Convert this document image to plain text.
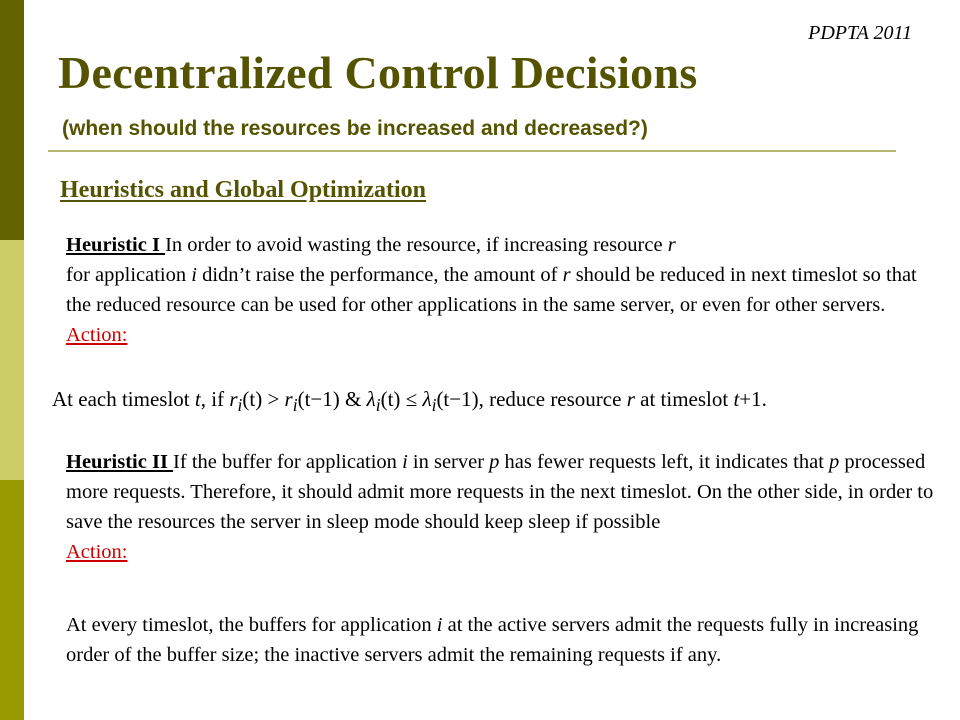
PDPTA 2011
Decentralized Control Decisions

(when should the resources be increased and decreased?)

Heuristics and Global Optimization
Heuristic I In order to avoid wasting the resource, if increasing resource r
for application i didn’t raise the performance, the amount of r should be reduced in next timeslot so that the reduced resource can be used for other applications in the same server, or even for other servers.
Action:
At each timeslot t, if $r_i(t) > r_i(t-1)$ & $\lambda_i(t) \le \lambda_i(t-1)$, reduce resource r at timeslot t+1.
Heuristic II If the buffer for application i in server p has fewer requests left, it indicates that p processed more requests. Therefore, it should admit more requests in the next timeslot. On the other side, in order to save the resources the server in sleep mode should keep sleep if possible
Action:
At every timeslot, the buffers for application i at the active servers admit the requests fully in increasing order of the buffer size; the inactive servers admit the remaining requests if any.
